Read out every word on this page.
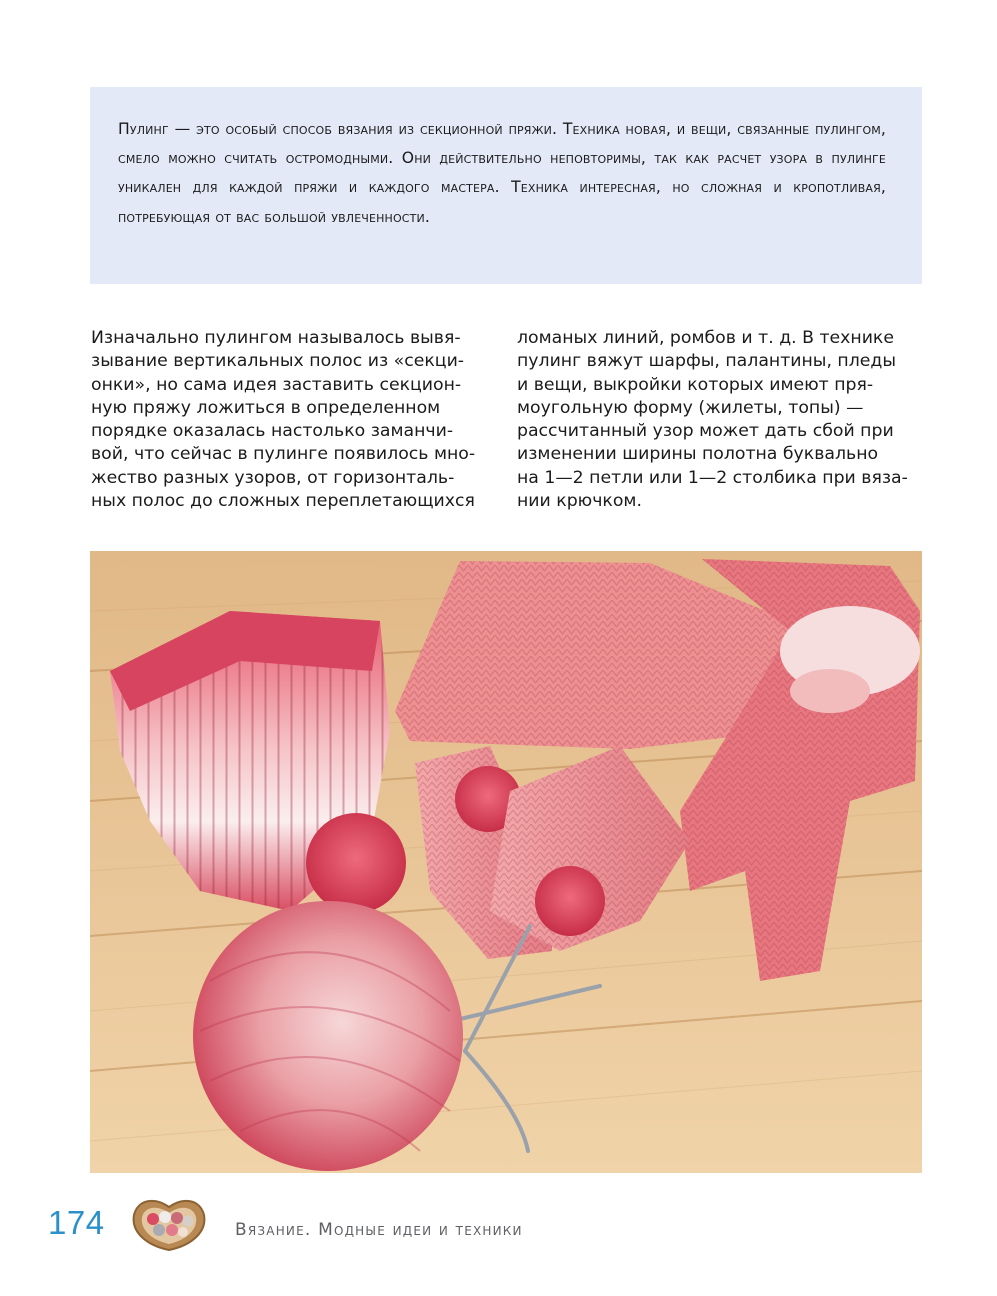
Пулинг — это особый способ вязания из секционной пряжи. Техника новая, и вещи, связанные пулингом, смело можно считать остромодными. Они действительно неповторимы, так как расчет узора в пулинге уникален для каждой пряжи и каждого мастера. Техника интересная, но сложная и кропотливая, потребующая от вас большой увлеченности.

Изначально пулингом называлось вывя-
зывание вертикальных полос из «секци-
онки», но сама идея заставить секцион-
ную пряжу ложиться в определенном
порядке оказалась настолько заманчи-
вой, что сейчас в пулинге появилось мно-
жество разных узоров, от горизонталь-
ных полос до сложных переплетающихся
ломаных линий, ромбов и т. д. В технике
пулинг вяжут шарфы, палантины, пледы
и вещи, выкройки которых имеют пря-
моугольную форму (жилеты, топы) —
рассчитанный узор может дать сбой при
изменении ширины полотна буквально
на 1—2 петли или 1—2 столбика при вяза-
нии крючком.
174	Вязание. Модные идеи и техники
